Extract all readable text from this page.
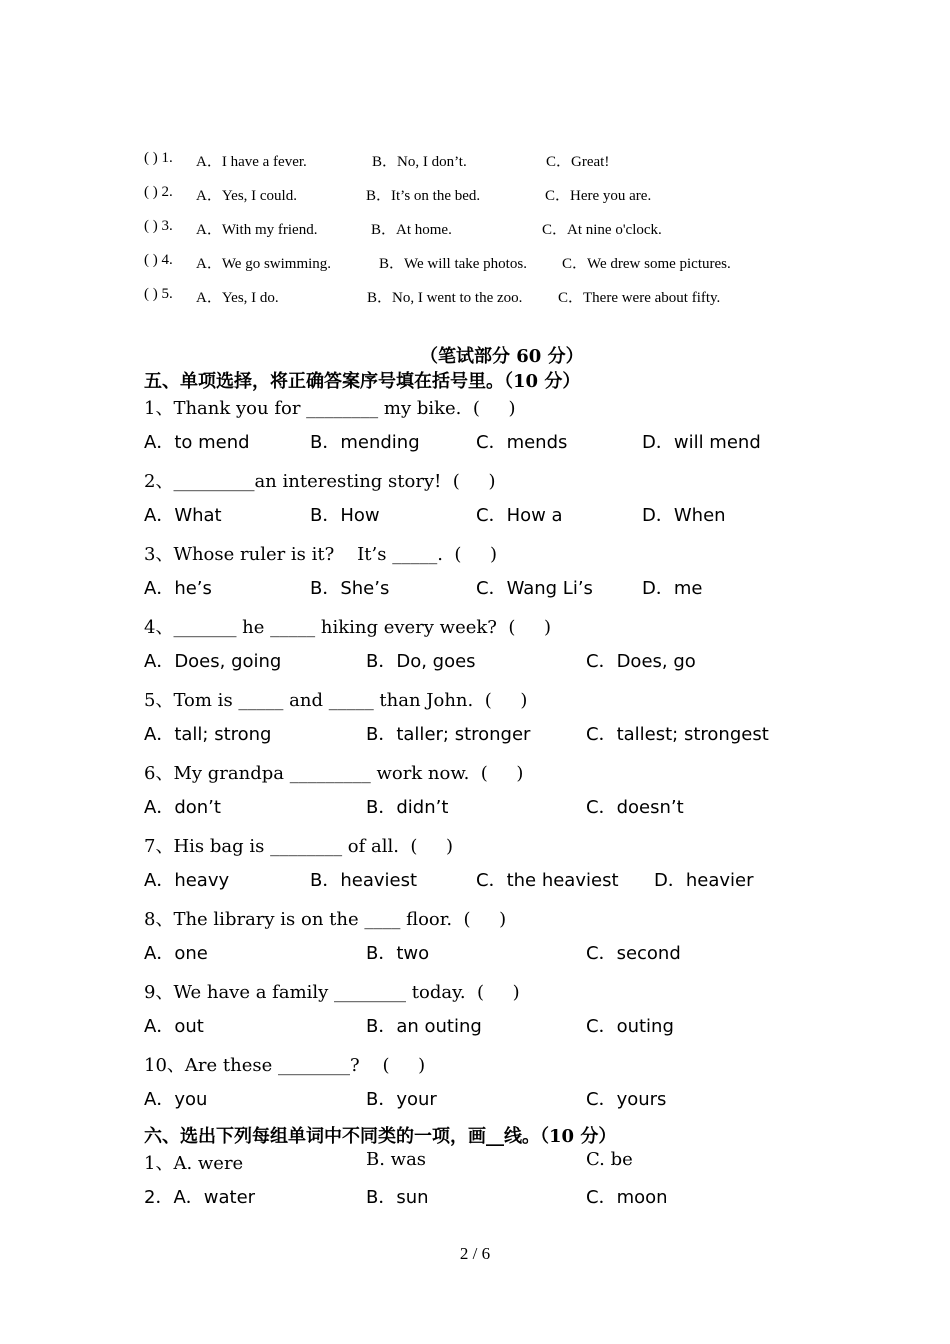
( ) 1. A．I have a fever.	B．No, I don’t.	C．Great!
( ) 2. A．Yes, I could.	B．It’s on the bed.	C．Here you are.
( ) 3. A．With my friend.	B．At home.	C．At nine o'clock.
( ) 4. A．We go swimming.	B．We will take photos. C．We drew some pictures.
( ) 5. A．Yes, I do.	B．No, I went to the zoo. C．There were about fifty.
（笔试部分 60 分）
五、单项选择，将正确答案序号填在括号里。（10 分）
1、Thank you for ________ my bike.  (     )
A．to mend	B．mending	C．mends	D．will mend
2、_________an interesting story!  (     )
A．What	B．How	C．How a	D．When
3、Whose ruler is it?    It’s _____.  (     )
A．he’s	B．She’s	C．Wang Li’s	D．me
4、_______ he _____ hiking every week?  (     )
A．Does, going	B．Do, goes	C．Does, go
5、Tom is _____ and _____ than John.  (     )
A．tall; strong	B．taller; stronger	C．tallest; strongest
6、My grandpa _________ work now.  (     )
A．don’t	B．didn’t	C．doesn’t
7、His bag is ________ of all.  (     )
A．heavy	B．heaviest	C．the heaviest D．heavier
8、The library is on the ____ floor.  (     )
A．one	B．two	C．second
9、We have a family ________ today.  (     )
A．out	B．an outing	C．outing
10、Are these ________?    (     )
A．you	B．your	C．yours
六、选出下列每组单词中不同类的一项，画__线。（10 分）
1、A. were	B. was	C. be
2．A．water	B．sun	C．moon
2 / 6
